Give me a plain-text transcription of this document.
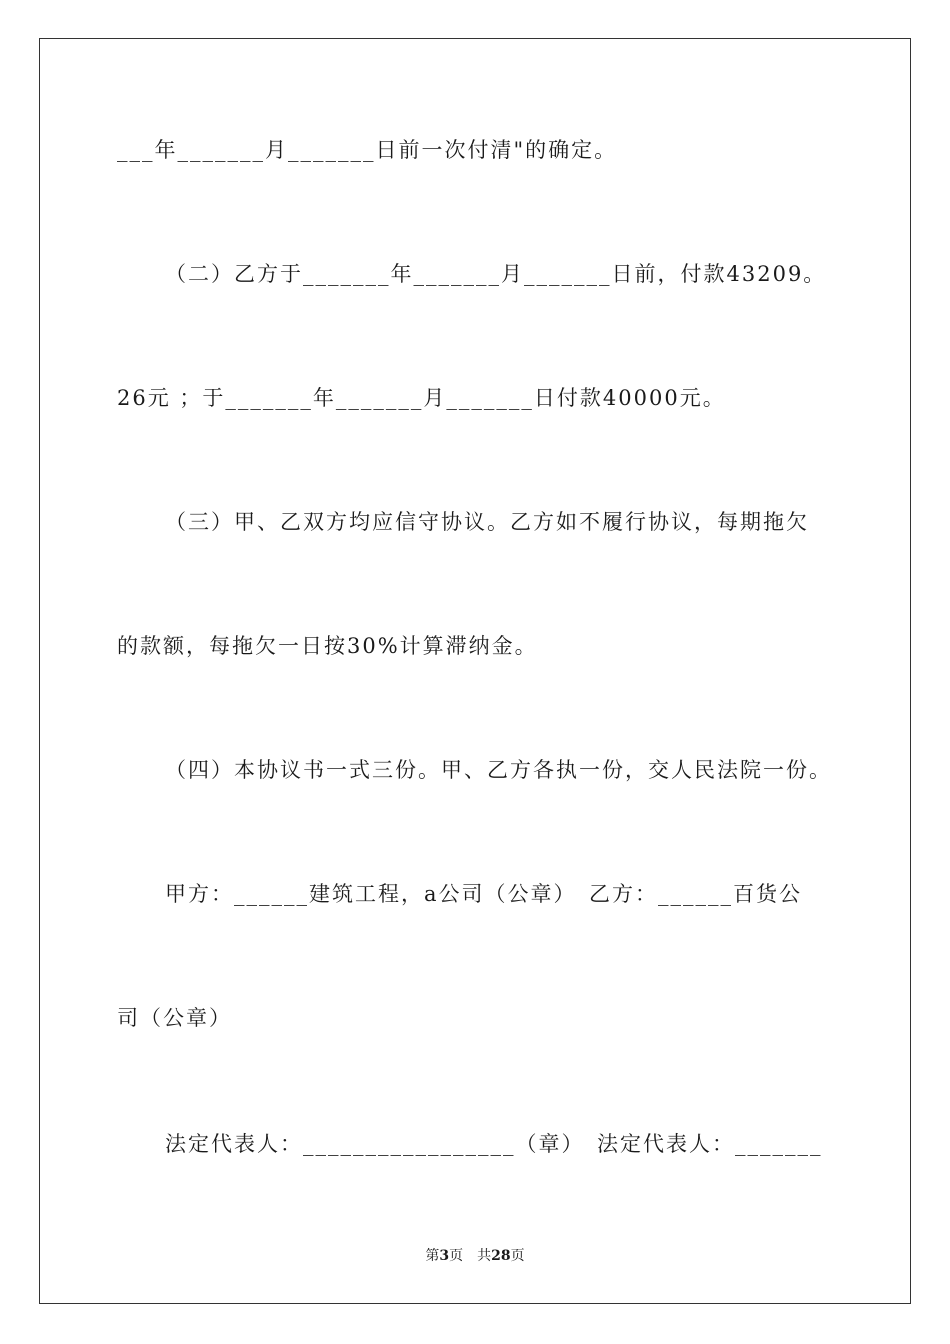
___年_______月_______日前一次付清"的确定。
（二）乙方于_______年_______月_______日前，付款43209。
26元 ；于_______年_______月_______日付款40000元。
（三）甲、乙双方均应信守协议。乙方如不履行协议，每期拖欠
的款额，每拖欠一日按30%计算滞纳金。
（四）本协议书一式三份。甲、乙方各执一份，交人民法院一份。
甲方：______建筑工程，a公司（公章）　乙方：______百货公
司（公章）
法定代表人：_________________（章）　法定代表人：_______
第3页　共28页
